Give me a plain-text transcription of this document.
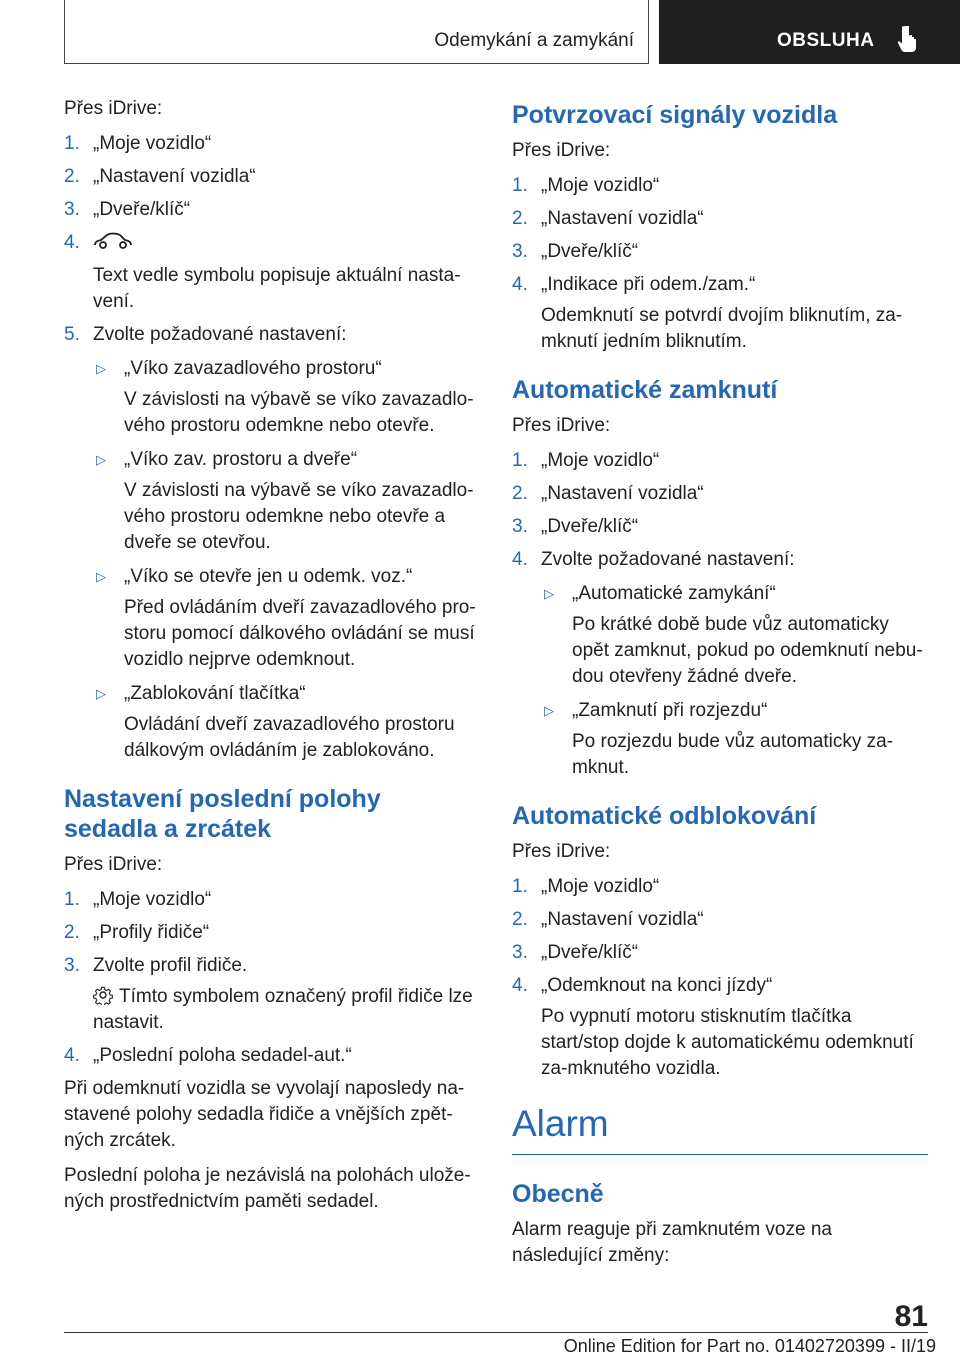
Odemykání a zamykání	OBSLUHA

Přes iDrive:

1. „Moje vozidlo“

2. „Nastavení vozidla“

3. „Dveře/klíč“

4.

Text vedle symbolu popisuje aktuální nasta-vení.

5. Zvolte požadované nastavení:

▷ „Víko zavazadlového prostoru“

V závislosti na výbavě se víko zavazadlo-vého prostoru odemkne nebo otevře.

▷ „Víko zav. prostoru a dveře“

V závislosti na výbavě se víko zavazadlo-vého prostoru odemkne nebo otevře a dveře se otevřou.

▷ „Víko se otevře jen u odemk. voz.“

Před ovládáním dveří zavazadlového pro-storu pomocí dálkového ovládání se musí vozidlo nejprve odemknout.

▷ „Zablokování tlačítka“

Ovládání dveří zavazadlového prostoru dálkovým ovládáním je zablokováno.

Nastavení poslední polohy sedadla a zrcátek

Přes iDrive:

1. „Moje vozidlo“

2. „Profily řidiče“

3. Zvolte profil řidiče.

Tímto symbolem označený profil řidiče lze nastavit.

4. „Poslední poloha sedadel-aut.“

Při odemknutí vozidla se vyvolají naposledy na-stavené polohy sedadla řidiče a vnějších zpět-ných zrcátek.

Poslední poloha je nezávislá na polohách ulože-ných prostřednictvím paměti sedadel.

Potvrzovací signály vozidla

Přes iDrive:

1. „Moje vozidlo“

2. „Nastavení vozidla“

3. „Dveře/klíč“

4. „Indikace při odem./zam.“

Odemknutí se potvrdí dvojím bliknutím, za-mknutí jedním bliknutím.

Automatické zamknutí

Přes iDrive:

1. „Moje vozidlo“

2. „Nastavení vozidla“

3. „Dveře/klíč“

4. Zvolte požadované nastavení:

▷ „Automatické zamykání“

Po krátké době bude vůz automaticky opět zamknut, pokud po odemknutí nebu-dou otevřeny žádné dveře.

▷ „Zamknutí při rozjezdu“

Po rozjezdu bude vůz automaticky za-mknut.

Automatické odblokování

Přes iDrive:

1. „Moje vozidlo“

2. „Nastavení vozidla“

3. „Dveře/klíč“

4. „Odemknout na konci jízdy“

Po vypnutí motoru stisknutím tlačítka start/stop dojde k automatickému odemknutí za-mknutého vozidla.

Alarm
Obecně

Alarm reaguje při zamknutém voze na následující změny:

81
Online Edition for Part no. 01402720399 - II/19
